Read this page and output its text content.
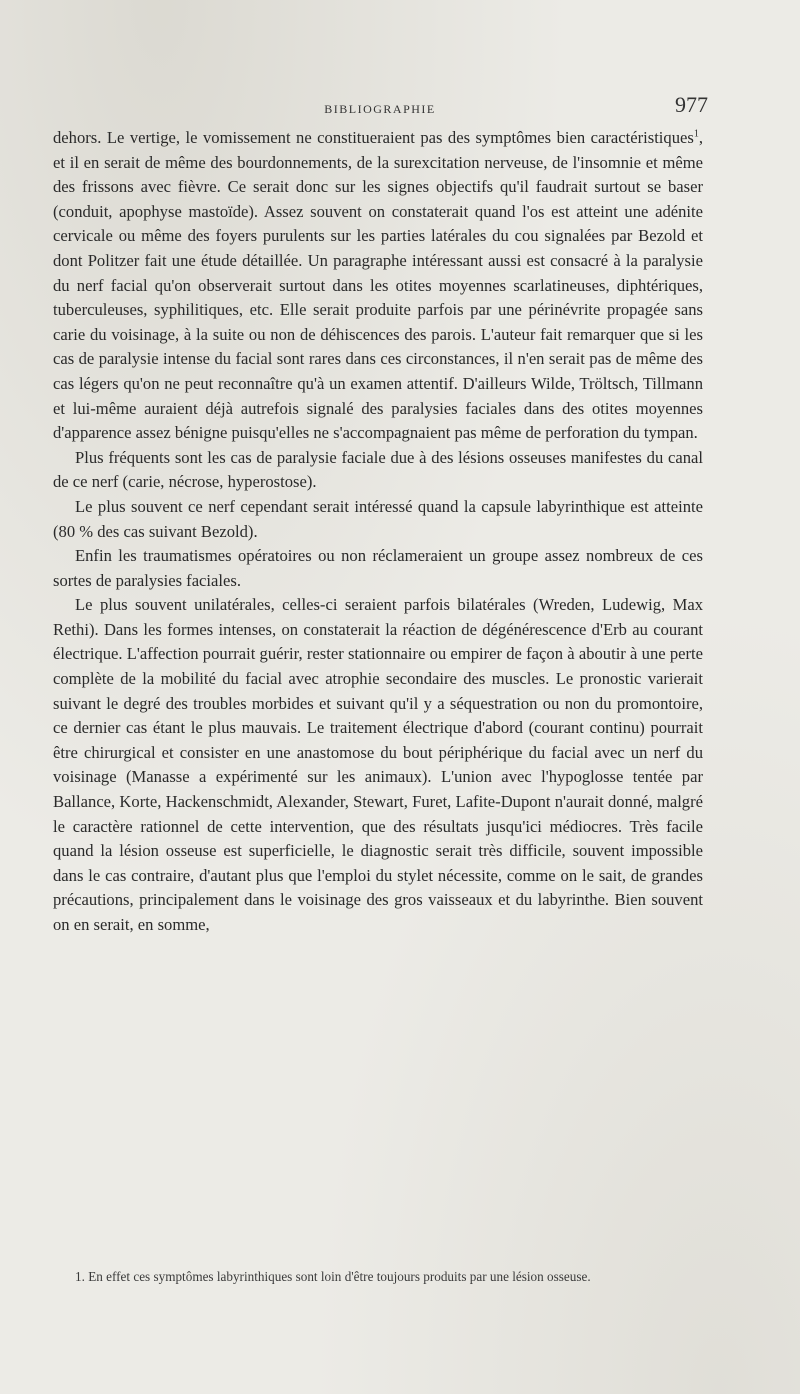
BIBLIOGRAPHIE	977

dehors. Le vertige, le vomissement ne constitueraient pas des symptômes bien caractéristiques$^1$, et il en serait de même des bourdonnements, de la surexcitation nerveuse, de l'insomnie et même des frissons avec fièvre. Ce serait donc sur les signes objectifs qu'il faudrait surtout se baser (conduit, apophyse mastoïde). Assez souvent on constaterait quand l'os est atteint une adénite cervicale ou même des foyers purulents sur les parties latérales du cou signalées par Bezold et dont Politzer fait une étude détaillée. Un paragraphe intéressant aussi est consacré à la paralysie du nerf facial qu'on observerait surtout dans les otites moyennes scarlatineuses, diphtériques, tuberculeuses, syphilitiques, etc. Elle serait produite parfois par une périnévrite propagée sans carie du voisinage, à la suite ou non de déhiscences des parois. L'auteur fait remarquer que si les cas de paralysie intense du facial sont rares dans ces circonstances, il n'en serait pas de même des cas légers qu'on ne peut reconnaître qu'à un examen attentif. D'ailleurs Wilde, Tröltsch, Tillmann et lui-même auraient déjà autrefois signalé des paralysies faciales dans des otites moyennes d'apparence assez bénigne puisqu'elles ne s'accompagnaient pas même de perforation du tympan.

Plus fréquents sont les cas de paralysie faciale due à des lésions osseuses manifestes du canal de ce nerf (carie, nécrose, hyperostose).

Le plus souvent ce nerf cependant serait intéressé quand la capsule labyrinthique est atteinte (80 % des cas suivant Bezold).

Enfin les traumatismes opératoires ou non réclameraient un groupe assez nombreux de ces sortes de paralysies faciales.

Le plus souvent unilatérales, celles-ci seraient parfois bilatérales (Wreden, Ludewig, Max Rethi). Dans les formes intenses, on constaterait la réaction de dégénérescence d'Erb au courant électrique. L'affection pourrait guérir, rester stationnaire ou empirer de façon à aboutir à une perte complète de la mobilité du facial avec atrophie secondaire des muscles. Le pronostic varierait suivant le degré des troubles morbides et suivant qu'il y a séquestration ou non du promontoire, ce dernier cas étant le plus mauvais. Le traitement électrique d'abord (courant continu) pourrait être chirurgical et consister en une anastomose du bout périphérique du facial avec un nerf du voisinage (Manasse a expérimenté sur les animaux). L'union avec l'hypoglosse tentée par Ballance, Korte, Hackenschmidt, Alexander, Stewart, Furet, Lafite-Dupont n'aurait donné, malgré le caractère rationnel de cette intervention, que des résultats jusqu'ici médiocres. Très facile quand la lésion osseuse est superficielle, le diagnostic serait très difficile, souvent impossible dans le cas contraire, d'autant plus que l'emploi du stylet nécessite, comme on le sait, de grandes précautions, principalement dans le voisinage des gros vaisseaux et du labyrinthe. Bien souvent on en serait, en somme,

1. En effet ces symptômes labyrinthiques sont loin d'être toujours produits par une lésion osseuse.
